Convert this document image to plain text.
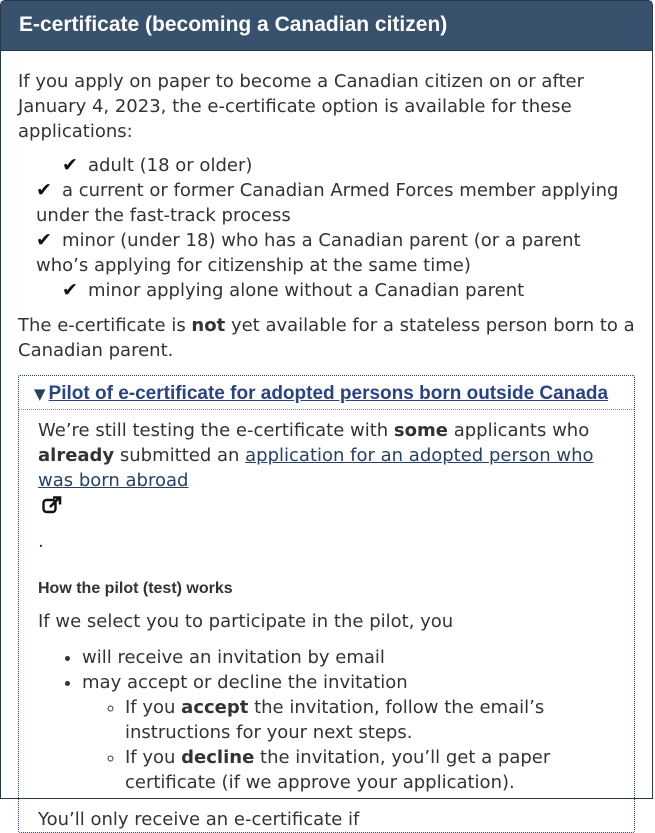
E-certificate (becoming a Canadian citizen)

If you apply on paper to become a Canadian citizen on or after January 4, 2023, the e-certificate option is available for these applications:

✔ adult (18 or older)
✔ a current or former Canadian Armed Forces member applying under the fast-track process
✔ minor (under 18) who has a Canadian parent (or a parent who’s applying for citizenship at the same time)
✔ minor applying alone without a Canadian parent

The e-certificate is not yet available for a stateless person born to a Canadian parent.

▼ Pilot of e-certificate for adopted persons born outside Canada

We’re still testing the e-certificate with some applicants who already submitted an application for an adopted person who was born abroad

.

How the pilot (test) works

If we select you to participate in the pilot, you

• will receive an invitation by email
• may accept or decline the invitation
◦ If you accept the invitation, follow the email’s instructions for your next steps.
◦ If you decline the invitation, you’ll get a paper certificate (if we approve your application).

You’ll only receive an e-certificate if
